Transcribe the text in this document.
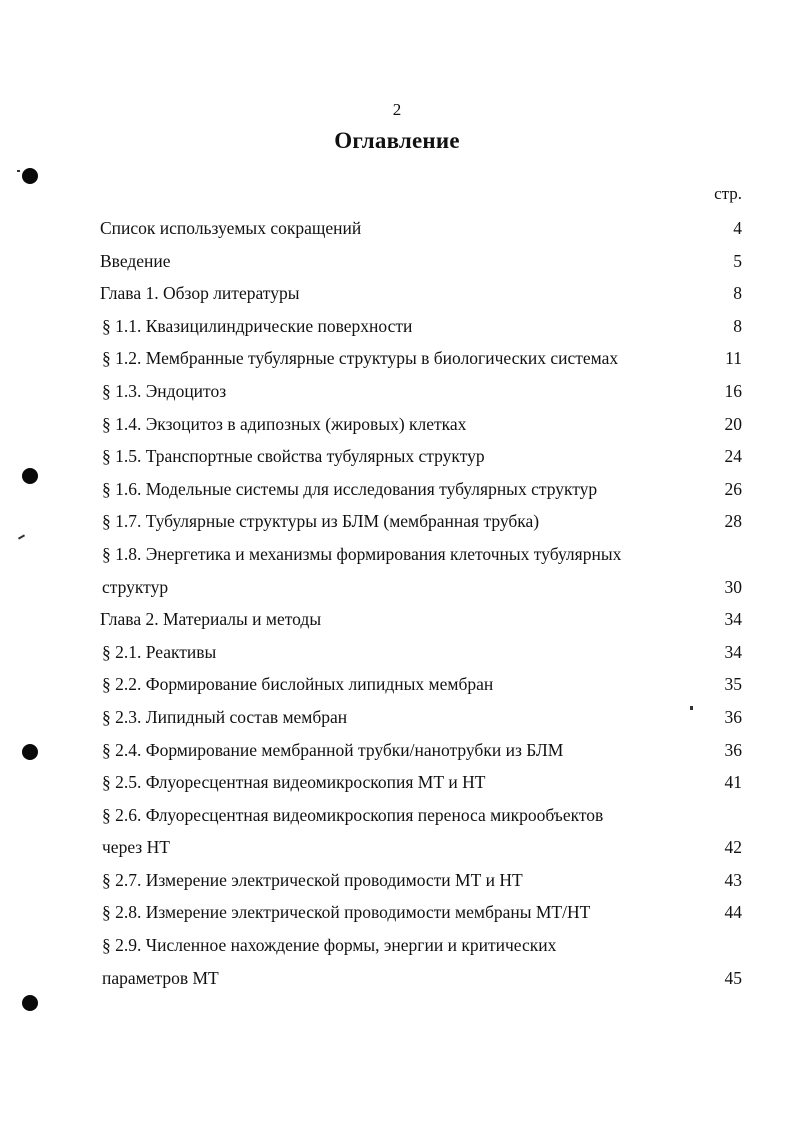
2
Оглавление
стр.
Список используемых сокращений	4
Введение	5
Глава 1. Обзор литературы	8
§ 1.1. Квазицилиндрические поверхности	8
§ 1.2. Мембранные тубулярные структуры в биологических системах	11
§ 1.3. Эндоцитоз	16
§ 1.4. Экзоцитоз в адипозных (жировых) клетках	20
§ 1.5. Транспортные свойства тубулярных структур	24
§ 1.6. Модельные системы для исследования тубулярных структур	26
§ 1.7. Тубулярные структуры из БЛМ (мембранная трубка)	28
§ 1.8. Энергетика и механизмы формирования клеточных тубулярных
структур	30
Глава 2. Материалы и методы	34
§ 2.1. Реактивы	34
§ 2.2. Формирование бислойных липидных мембран	35
§ 2.3. Липидный состав мембран	36
§ 2.4. Формирование мембранной трубки/нанотрубки из БЛМ	36
§ 2.5. Флуоресцентная видеомикроскопия МТ и НТ	41
§ 2.6. Флуоресцентная видеомикроскопия переноса микрообъектов
через НТ	42
§ 2.7. Измерение электрической проводимости МТ и НТ	43
§ 2.8. Измерение электрической проводимости мембраны МТ/НТ	44
§ 2.9. Численное нахождение формы, энергии и критических
параметров МТ	45
